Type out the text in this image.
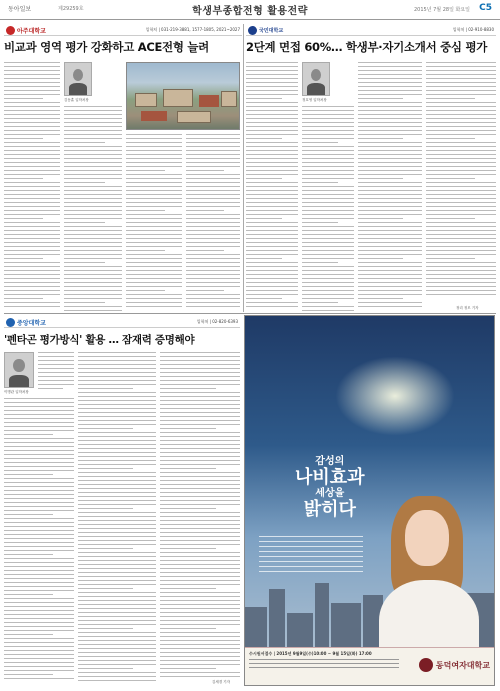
동아일보	제29259호	학생부종합전형 활용전략	2015년 7월 28일 화요일 C5
아주대학교	입학처 | 031-219-3881, 1577-1805, 2021~2027
비교과 영역 평가 강화하고 ACE전형 늘려
김동훈 입학처장
국민대학교	입학처 | 02-910-8830
2단계 면접 60%… 학생부·자기소개서 중심 평가
정호영 입학처장
정리 정모 기자
중앙대학교	입학처 | 02-820-6393
'펜타곤 평가방식' 활용 … 잠재력 증명해야
이병관 입학처장
김세경 기자
감성의
나비효과
세상을
밝히다
수시원서접수 | 2015년 9월9일(수)10:00 ~ 9월 15일(화) 17:00
동덕여자대학교
